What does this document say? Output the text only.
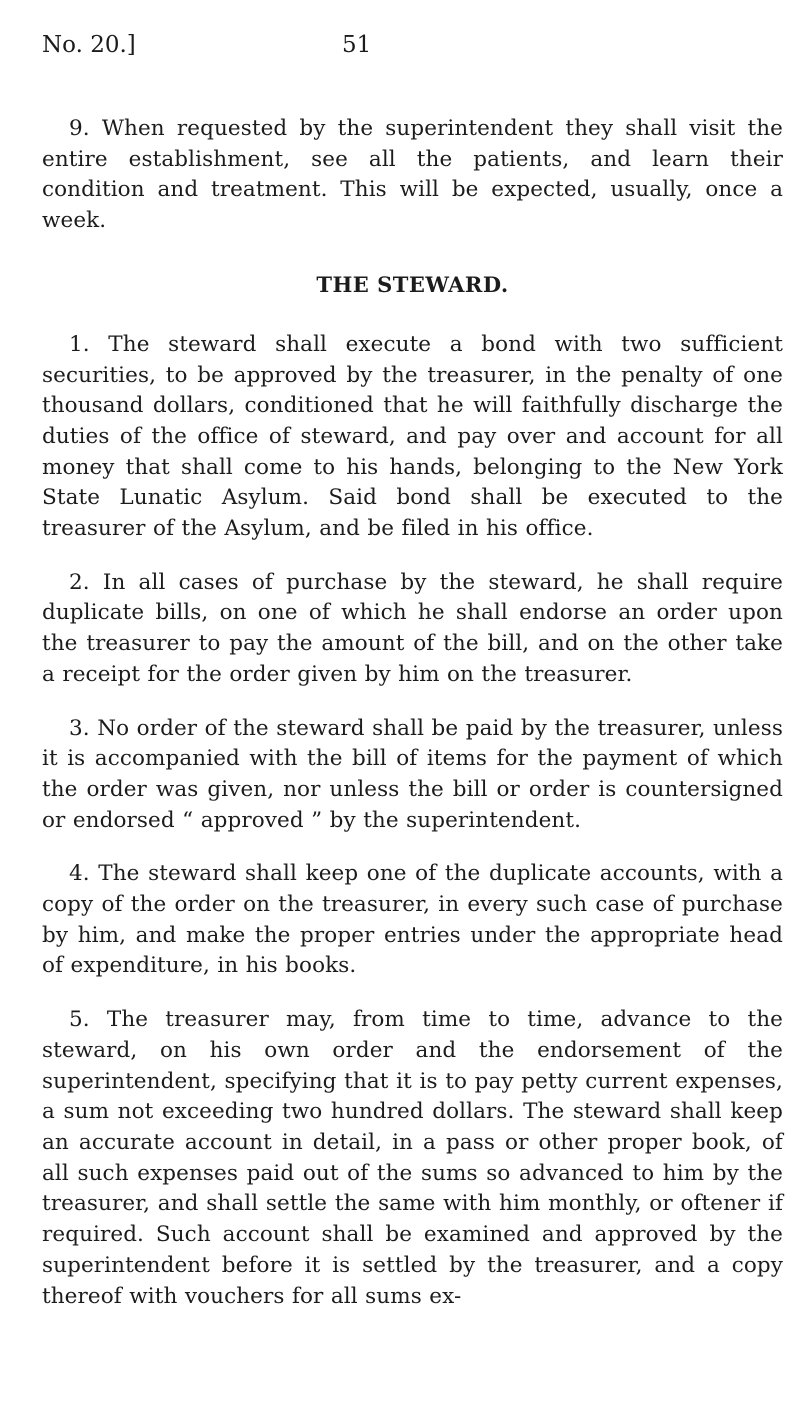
No. 20.]	51

9. When requested by the superintendent they shall visit the entire establishment, see all the patients, and learn their condition and treatment. This will be expected, usually, once a week.

THE STEWARD.

1. The steward shall execute a bond with two sufficient securities, to be approved by the treasurer, in the penalty of one thousand dollars, conditioned that he will faithfully discharge the duties of the office of steward, and pay over and account for all money that shall come to his hands, belonging to the New York State Lunatic Asylum. Said bond shall be executed to the treasurer of the Asylum, and be filed in his office.

2. In all cases of purchase by the steward, he shall require duplicate bills, on one of which he shall endorse an order upon the treasurer to pay the amount of the bill, and on the other take a receipt for the order given by him on the treasurer.

3. No order of the steward shall be paid by the treasurer, unless it is accompanied with the bill of items for the payment of which the order was given, nor unless the bill or order is countersigned or endorsed “ approved ” by the superintendent.

4. The steward shall keep one of the duplicate accounts, with a copy of the order on the treasurer, in every such case of purchase by him, and make the proper entries under the appropriate head of expenditure, in his books.

5. The treasurer may, from time to time, advance to the steward, on his own order and the endorsement of the superintendent, specifying that it is to pay petty current expenses, a sum not exceeding two hundred dollars. The steward shall keep an accurate account in detail, in a pass or other proper book, of all such expenses paid out of the sums so advanced to him by the treasurer, and shall settle the same with him monthly, or oftener if required. Such account shall be examined and approved by the superintendent before it is settled by the treasurer, and a copy thereof with vouchers for all sums ex-
